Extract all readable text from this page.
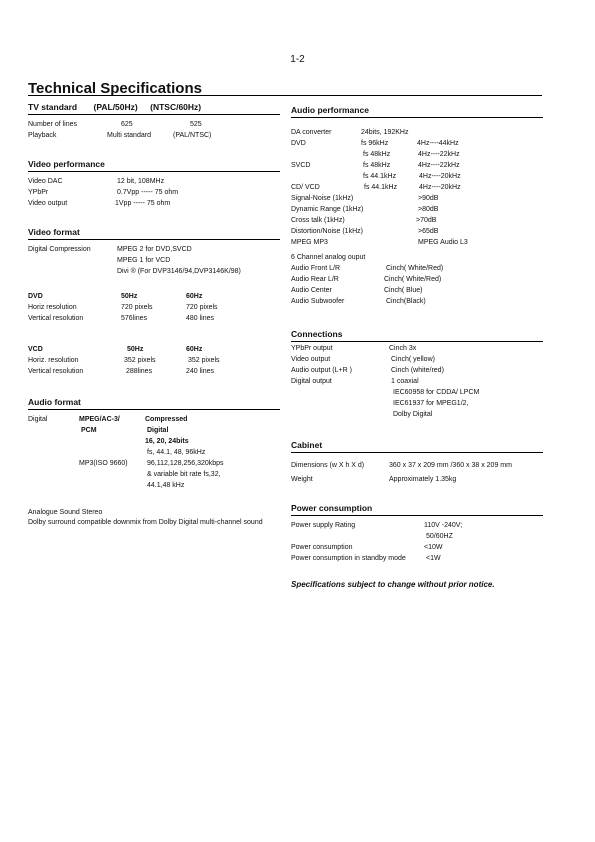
1-2
Technical Specifications
TV standard (PAL/50Hz) (NTSC/60Hz)
Number of lines	625	525
Playback	Multi standard	(PAL/NTSC)
Video performance
Video DAC	12 bit, 108MHz
YPbPr	0.7Vpp ----- 75 ohm
Video output	1Vpp ----- 75 ohm
Video format
Digital Compression	MPEG 2 for DVD,SVCD
MPEG 1 for VCD
Divi ® (For DVP3146/94,DVP3146K/98)
DVD	50Hz	60Hz
Horiz resolution	720 pixels	720 pixels
Vertical resolution	576lines	480 lines
VCD	50Hz	60Hz
Horiz. resolution	352 pixels	352 pixels
Vertical resolution	288lines	240 lines
Audio format
Digital	MPEG/AC-3/	Compressed
PCM	Digital
16, 20, 24bits
fs, 44.1, 48, 96kHz
MP3(ISO 9660)	96,112,128,256,320kbps
& variable bit rate fs,32,
44.1,48 kHz
Analogue Sound Stereo
Dolby surround compatible downmix from Dolby Digital multi-channel sound
Audio performance
DA converter	24bits, 192KHz
DVD	fs 96kHz	4Hz----44kHz
fs 48kHz	4Hz----22kHz
SVCD	fs 48kHz	4Hz----22kHz
fs 44.1kHz	4Hz----20kHz
CD/ VCD	fs 44.1kHz	4Hz----20kHz
Signal-Noise (1kHz)	>90dB
Dynamic Range (1kHz)	>80dB
Cross talk (1kHz)	>70dB
Distortion/Noise (1kHz)	>65dB
MPEG MP3	MPEG Audio L3
6 Channel analog ouput
Audio Front L/R	Cinch( White/Red)
Audio Rear L/R	Cinch( White/Red)
Audio Center	Cinch( Blue)
Audio Subwoofer	Cinch(Black)
Connections
YPbPr output	Cinch 3x
Video output	Cinch( yellow)
Audio output (L+R )	Cinch (white/red)
Digital output	1 coaxial
IEC60958 for CDDA/ LPCM
IEC61937 for MPEG1/2,
Dolby Digital
Cabinet
Dimensions (w X h X d)	360 x 37 x 209 mm /360 x 38 x 209 mm
Weight	Approximately 1.35kg
Power consumption
Power supply Rating	110V -240V;
50/60HZ
Power consumption	<10W
Power consumption in standby mode	<1W
Specifications subject to change without prior notice.
